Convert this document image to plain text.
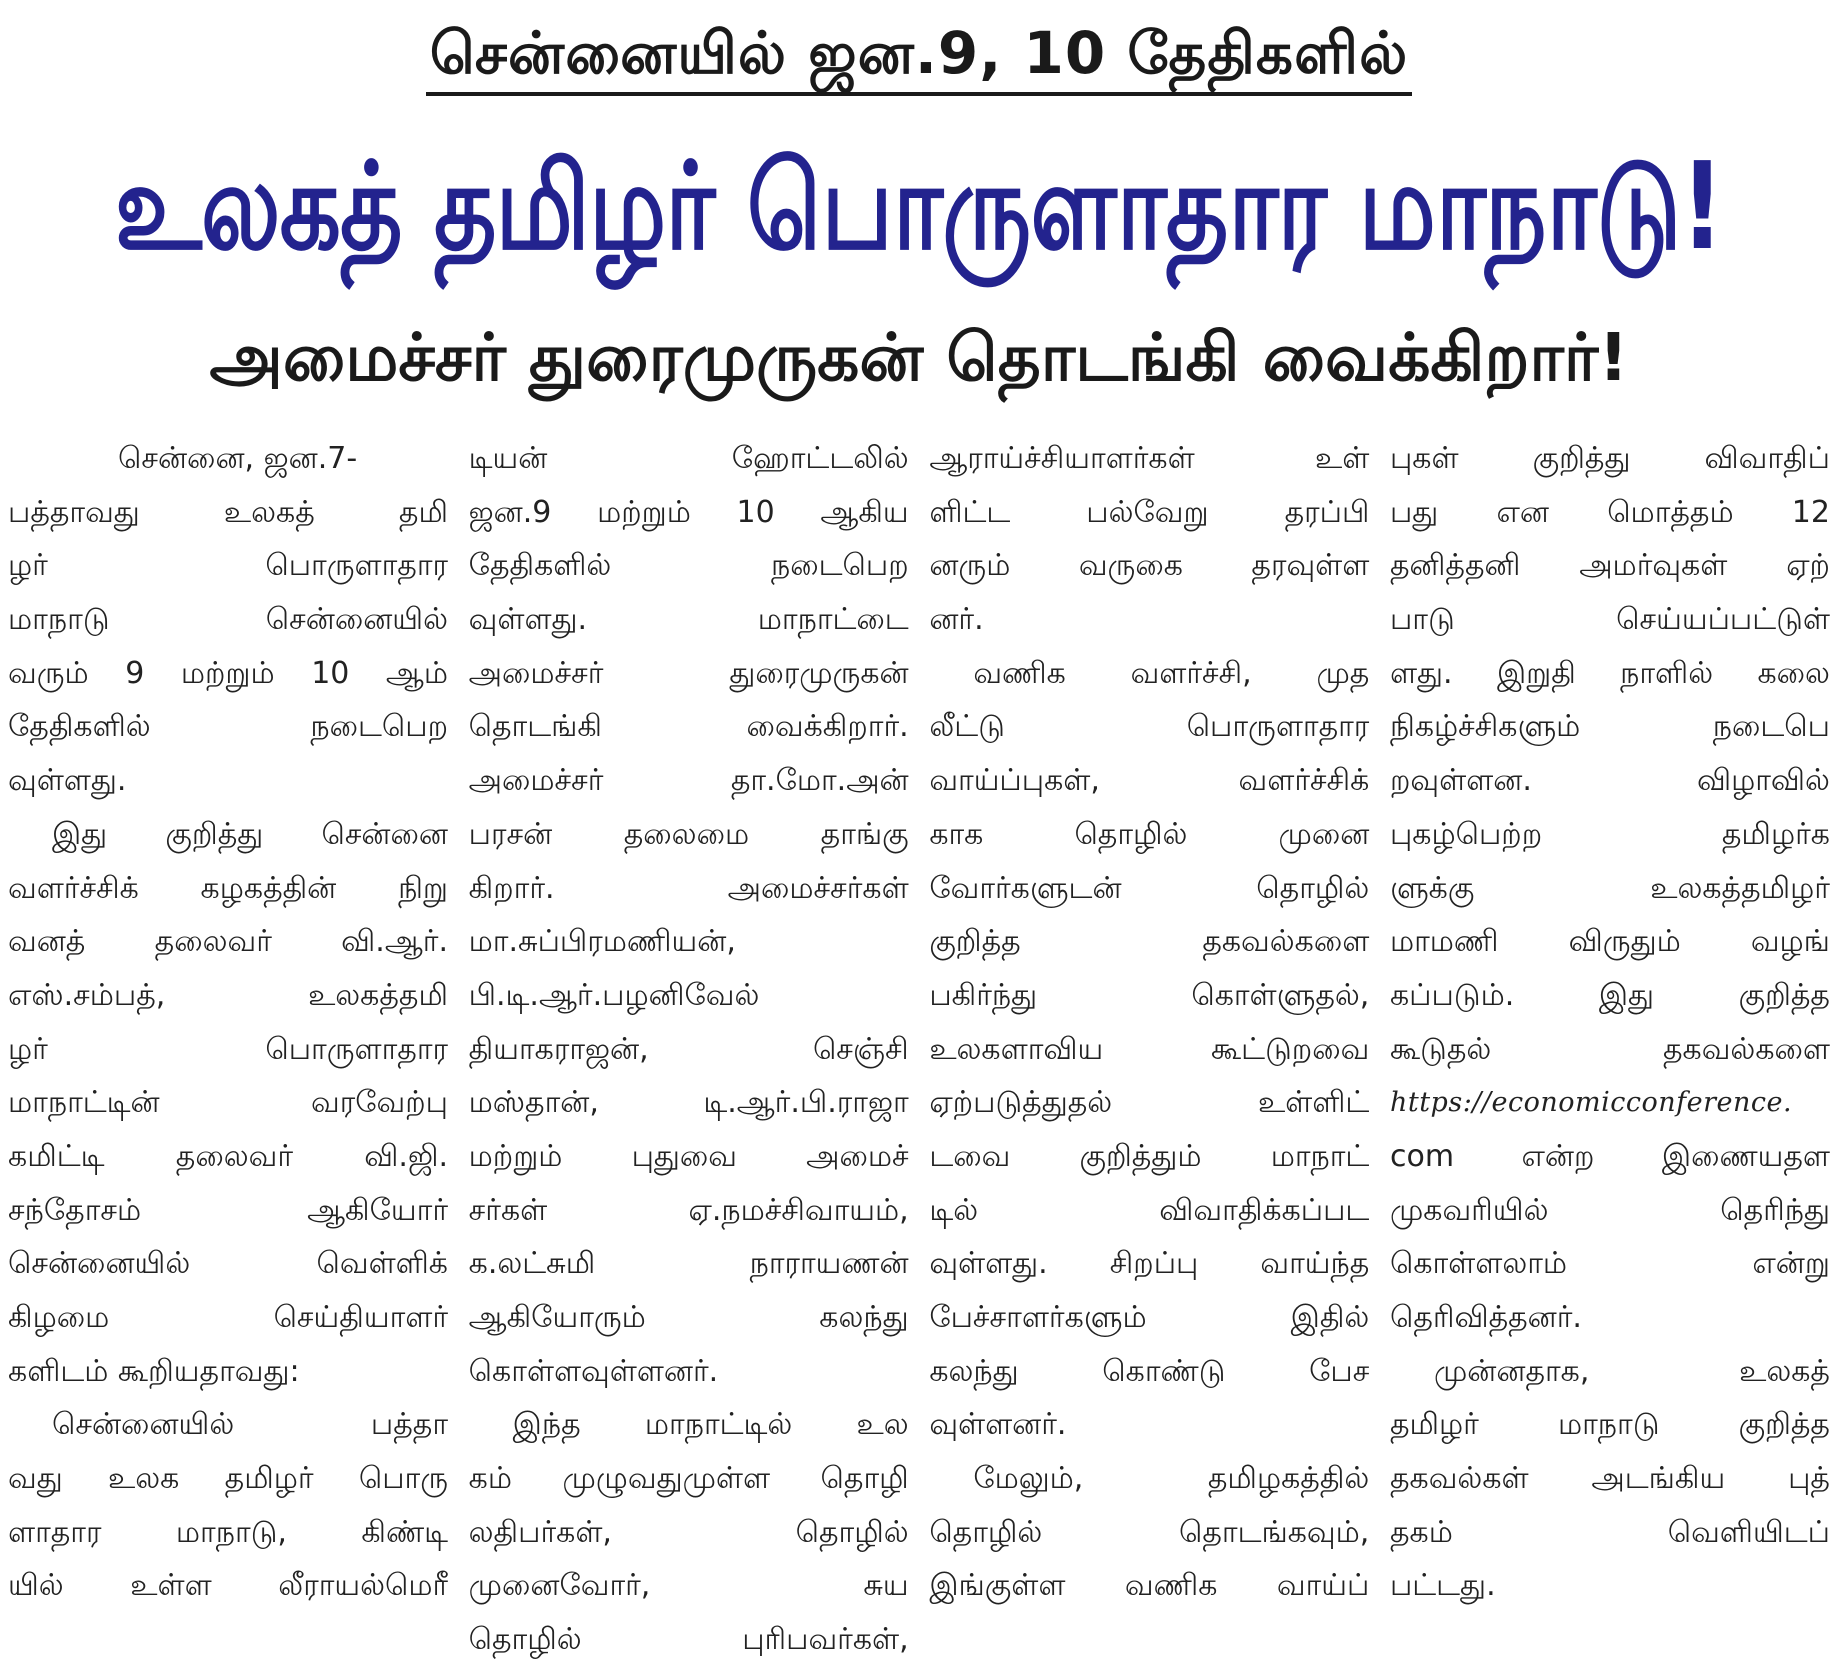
சென்னையில் ஜன.9, 10 தேதிகளில்
உலகத் தமிழர் பொருளாதார மாநாடு!
அமைச்சர் துரைமுருகன் தொடங்கி வைக்கிறார்!
சென்னை, ஜன.7-
பத்தாவது உலகத் தமி
ழர் பொருளாதார
மாநாடு சென்னையில்
வரும் 9 மற்றும் 10 ஆம்
தேதிகளில் நடைபெற
வுள்ளது.
இது குறித்து சென்னை
வளர்ச்சிக் கழகத்தின் நிறு
வனத் தலைவர் வி.ஆர்.
எஸ்.சம்பத், உலகத்தமி
ழர் பொருளாதார
மாநாட்டின் வரவேற்பு
கமிட்டி தலைவர் வி.ஜி.
சந்தோசம் ஆகியோர்
சென்னையில் வெள்ளிக்
கிழமை செய்தியாளர்
களிடம் கூறியதாவது:
சென்னையில் பத்தா
வது உலக தமிழர் பொரு
ளாதார மாநாடு, கிண்டி
யில் உள்ள லீராயல்மெரீ
டியன் ஹோட்டலில்
ஜன.9 மற்றும் 10 ஆகிய
தேதிகளில் நடைபெற
வுள்ளது. மாநாட்டை
அமைச்சர் துரைமுருகன்
தொடங்கி வைக்கிறார்.
அமைச்சர் தா.மோ.அன்
பரசன் தலைமை தாங்கு
கிறார். அமைச்சர்கள்
மா.சுப்பிரமணியன்,
பி.டி.ஆர்.பழனிவேல்
தியாகராஜன், செஞ்சி
மஸ்தான், டி.ஆர்.பி.ராஜா
மற்றும் புதுவை அமைச்
சர்கள் ஏ.நமச்சிவாயம்,
க.லட்சுமி நாராயணன்
ஆகியோரும் கலந்து
கொள்ளவுள்ளனர்.
இந்த மாநாட்டில் உல
கம் முழுவதுமுள்ள தொழி
லதிபர்கள், தொழில்
முனைவோர், சுய
தொழில் புரிபவர்கள்,
ஆராய்ச்சியாளர்கள் உள்
ளிட்ட பல்வேறு தரப்பி
னரும் வருகை தரவுள்ள
னர்.
வணிக வளர்ச்சி, முத
லீட்டு பொருளாதார
வாய்ப்புகள், வளர்ச்சிக்
காக தொழில் முனை
வோர்களுடன் தொழில்
குறித்த தகவல்களை
பகிர்ந்து கொள்ளுதல்,
உலகளாவிய கூட்டுறவை
ஏற்படுத்துதல் உள்ளிட்
டவை குறித்தும் மாநாட்
டில் விவாதிக்கப்பட
வுள்ளது. சிறப்பு வாய்ந்த
பேச்சாளர்களும் இதில்
கலந்து கொண்டு பேச
வுள்ளனர்.
மேலும், தமிழகத்தில்
தொழில் தொடங்கவும்,
இங்குள்ள வணிக வாய்ப்
புகள் குறித்து விவாதிப்
பது என மொத்தம் 12
தனித்தனி அமர்வுகள் ஏற்
பாடு செய்யப்பட்டுள்
ளது. இறுதி நாளில் கலை
நிகழ்ச்சிகளும் நடைபெ
றவுள்ளன. விழாவில்
புகழ்பெற்ற தமிழர்க
ளுக்கு உலகத்தமிழர்
மாமணி விருதும் வழங்
கப்படும். இது குறித்த
கூடுதல் தகவல்களை
https://economicconference.
com என்ற இணையதள
முகவரியில் தெரிந்து
கொள்ளலாம் என்று
தெரிவித்தனர்.
முன்னதாக, உலகத்
தமிழர் மாநாடு குறித்த
தகவல்கள் அடங்கிய புத்
தகம் வெளியிடப்
பட்டது.
